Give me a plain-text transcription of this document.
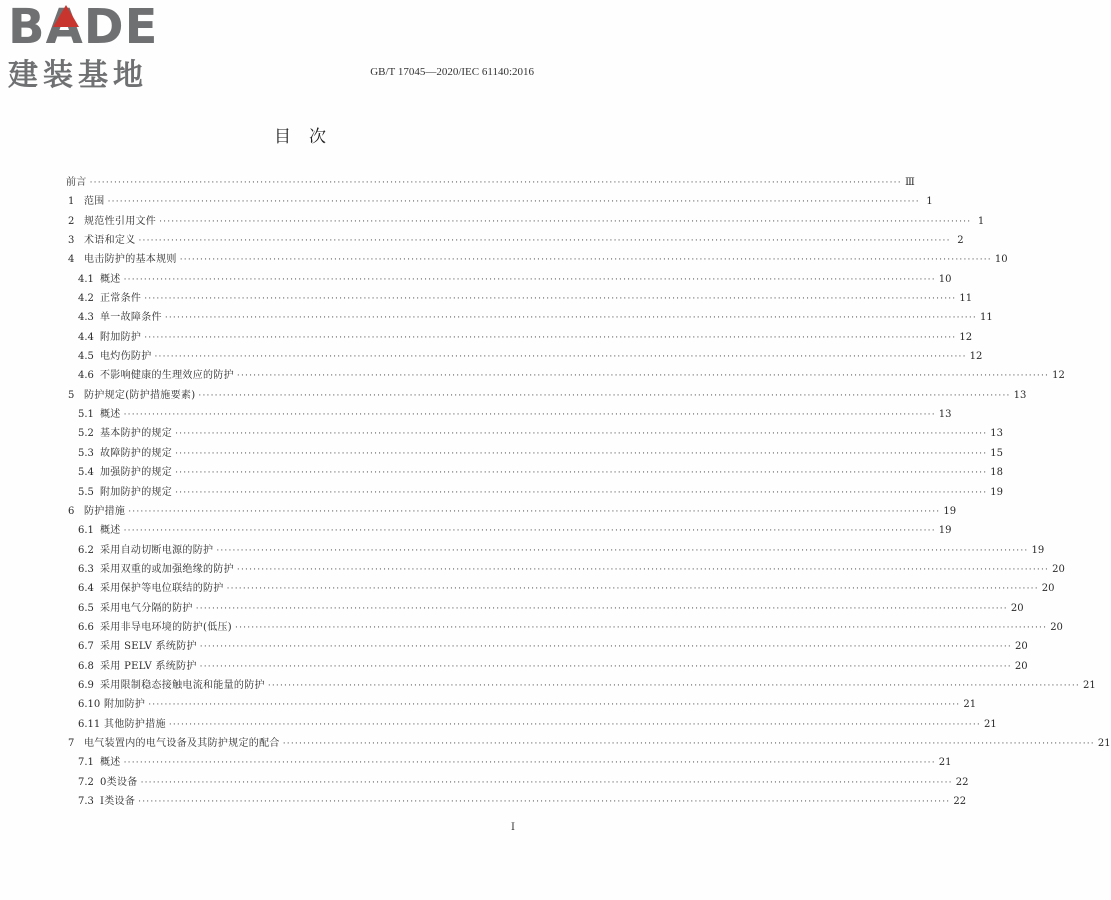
BA
DE
建装基地	GB/T 17045—2020/IEC 61140:2016
目次
前言 ········································································································································································································ Ⅲ
1 范围 ········································································································································································································ 1
2 规范性引用文件 ········································································································································································································ 1
3 术语和定义 ········································································································································································································ 2
4 电击防护的基本规则 ········································································································································································································ 10
4.1 概述 ········································································································································································································ 10
4.2 正常条件 ········································································································································································································ 11
4.3 单一故障条件 ········································································································································································································ 11
4.4 附加防护 ········································································································································································································ 12
4.5 电灼伤防护 ········································································································································································································ 12
4.6 不影响健康的生理效应的防护 ········································································································································································································ 12
5 防护规定(防护措施要素) ········································································································································································································ 13
5.1 概述 ········································································································································································································ 13
5.2 基本防护的规定 ········································································································································································································ 13
5.3 故障防护的规定 ········································································································································································································ 15
5.4 加强防护的规定 ········································································································································································································ 18
5.5 附加防护的规定 ········································································································································································································ 19
6 防护措施 ········································································································································································································ 19
6.1 概述 ········································································································································································································ 19
6.2 采用自动切断电源的防护 ········································································································································································································ 19
6.3 采用双重的或加强绝缘的防护 ········································································································································································································ 20
6.4 采用保护等电位联结的防护 ········································································································································································································ 20
6.5 采用电气分隔的防护 ········································································································································································································ 20
6.6 采用非导电环境的防护(低压) ········································································································································································································ 20
6.7 采用 SELV 系统防护 ········································································································································································································ 20
6.8 采用 PELV 系统防护 ········································································································································································································ 20
6.9 采用限制稳态接触电流和能量的防护 ········································································································································································································ 21
6.10 附加防护 ········································································································································································································ 21
6.11 其他防护措施 ········································································································································································································ 21
7 电气装置内的电气设备及其防护规定的配合 ········································································································································································································ 21
7.1 概述 ········································································································································································································ 21
7.2 0类设备 ········································································································································································································ 22
7.3 Ⅰ类设备 ········································································································································································································ 22
I
